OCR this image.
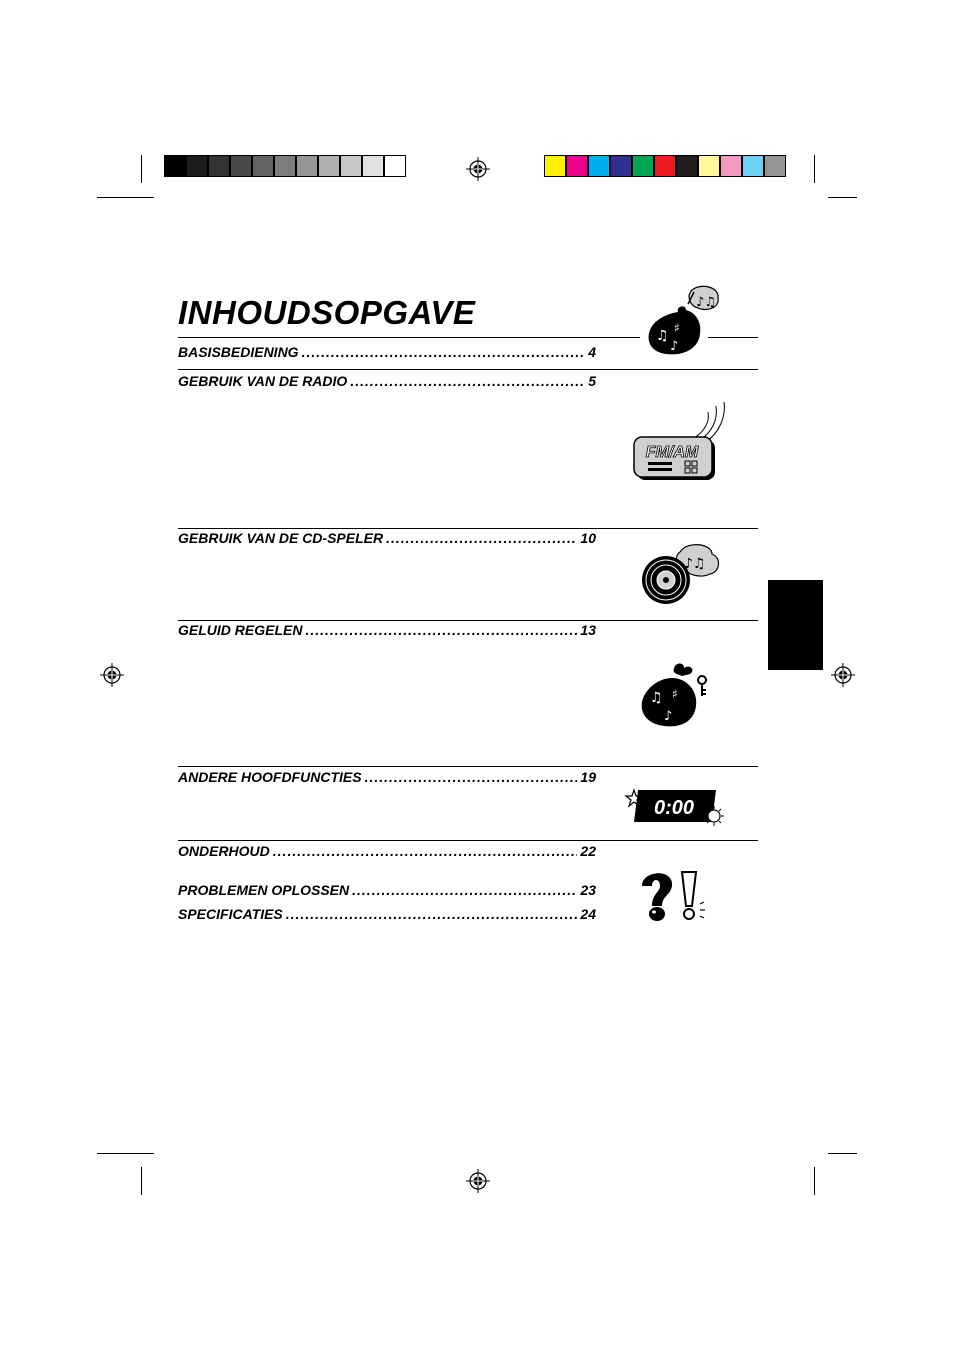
INHOUDSOPGAVE
BASISBEDIENING .....	4
GEBRUIK VAN DE RADIO .....	5
GEBRUIK VAN DE CD-SPELER .....	10
GELUID REGELEN .....	13
ANDERE HOOFDFUNCTIES .....	19
ONDERHOUD .....	22
PROBLEMEN OPLOSSEN .....	23
SPECIFICATIES .....	24
♪♫
♫ ♯
♪
FM/AM
♪♫
♫ ♯
♪
0:00
